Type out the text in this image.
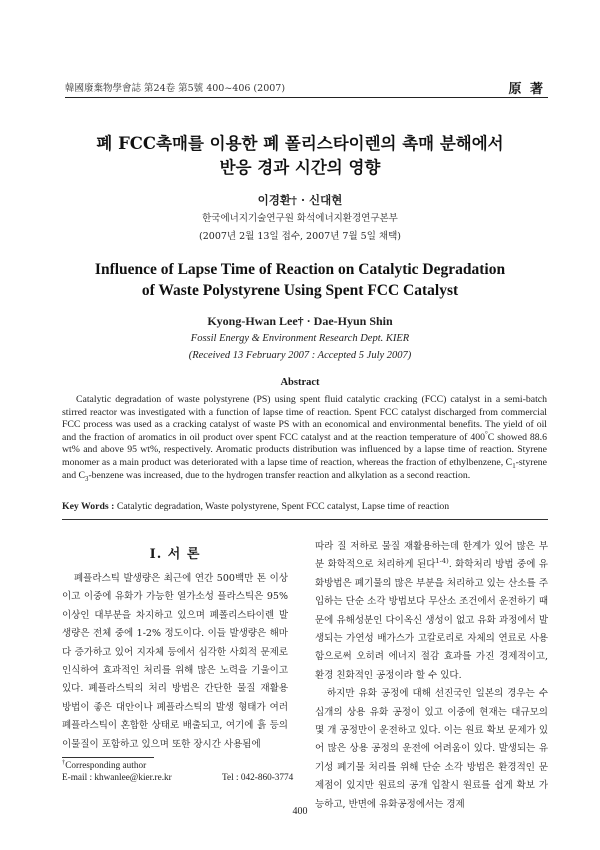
韓國廢棄物學會誌 第24卷 第5號 400~406 (2007)	原 著
폐 FCC촉매를 이용한 폐 폴리스타이렌의 촉매 분해에서
반응 경과 시간의 영향
이경환† · 신대현
한국에너지기술연구원 화석에너지환경연구본부
(2007년 2월 13일 접수, 2007년 7월 5일 채택)
Influence of Lapse Time of Reaction on Catalytic Degradation
of Waste Polystyrene Using Spent FCC Catalyst
Kyong-Hwan Lee† · Dae-Hyun Shin
Fossil Energy & Environment Research Dept. KIER
(Received 13 February 2007 : Accepted 5 July 2007)
Abstract
Catalytic degradation of waste polystyrene (PS) using spent fluid catalytic cracking (FCC) catalyst in a semi-batch stirred reactor was investigated with a function of lapse time of reaction. Spent FCC catalyst discharged from commercial FCC process was used as a cracking catalyst of waste PS with an economical and environmental benefits. The yield of oil and the fraction of aromatics in oil product over spent FCC catalyst and at the reaction temperature of 400°C showed 88.6 wt% and above 95 wt%, respectively. Aromatic products distribution was influenced by a lapse time of reaction. Styrene monomer as a main product was deteriorated with a lapse time of reaction, whereas the fraction of ethylbenzene, $C_1$-styrene and $C_3$-benzene was increased, due to the hydrogen transfer reaction and alkylation as a second reaction.
Key Words : Catalytic degradation, Waste polystyrene, Spent FCC catalyst, Lapse time of reaction
I. 서 론
폐플라스틱 발생량은 최근에 연간 500백만 톤 이상이고 이중에 유화가 가능한 열가소성 플라스틱은 95% 이상인 대부분을 차지하고 있으며 폐폴리스타이렌 발생량은 전체 중에 1-2% 정도이다. 이들 발생량은 해마다 증가하고 있어 지자체 등에서 심각한 사회적 문제로 인식하여 효과적인 처리를 위해 많은 노력을 기울이고 있다. 폐플라스틱의 처리 방법은 간단한 물질 재활용 방법이 좋은 대안이나 폐플라스틱의 발생 형태가 여러 폐플라스틱이 혼합한 상태로 배출되고, 여기에 흙 등의 이물질이 포함하고 있으며 또한 장시간 사용됨에
따라 질 저하로 물질 재활용하는데 한계가 있어 많은 부분 화학적으로 처리하게 된다$^{1-4)}$. 화학처리 방법 중에 유화방법은 폐기물의 많은 부분을 처리하고 있는 산소를 주입하는 단순 소각 방법보다 무산소 조건에서 운전하기 때문에 유해성분인 다이옥신 생성이 없고 유화 과정에서 발생되는 가연성 배가스가 고칼로리로 자체의 연료로 사용함으로써 오히려 에너지 절감 효과를 가진 경제적이고, 환경 친화적인 공정이라 할 수 있다.
하지만 유화 공정에 대해 선진국인 일본의 경우는 수십개의 상용 유화 공정이 있고 이중에 현재는 대규모의 몇 개 공정만이 운전하고 있다. 이는 원료 확보 문제가 있어 많은 상용 공정의 운전에 어려움이 있다. 발생되는 유기성 폐기물 처리를 위해 단순 소각 방법은 환경적인 문제점이 있지만 원료의 공개 입찰시 원료를 쉽게 확보 가능하고, 반면에 유화공정에서는 경제
†Corresponding author
E-mail : khwanlee@kier.re.kr	Tel : 042-860-3774
400
